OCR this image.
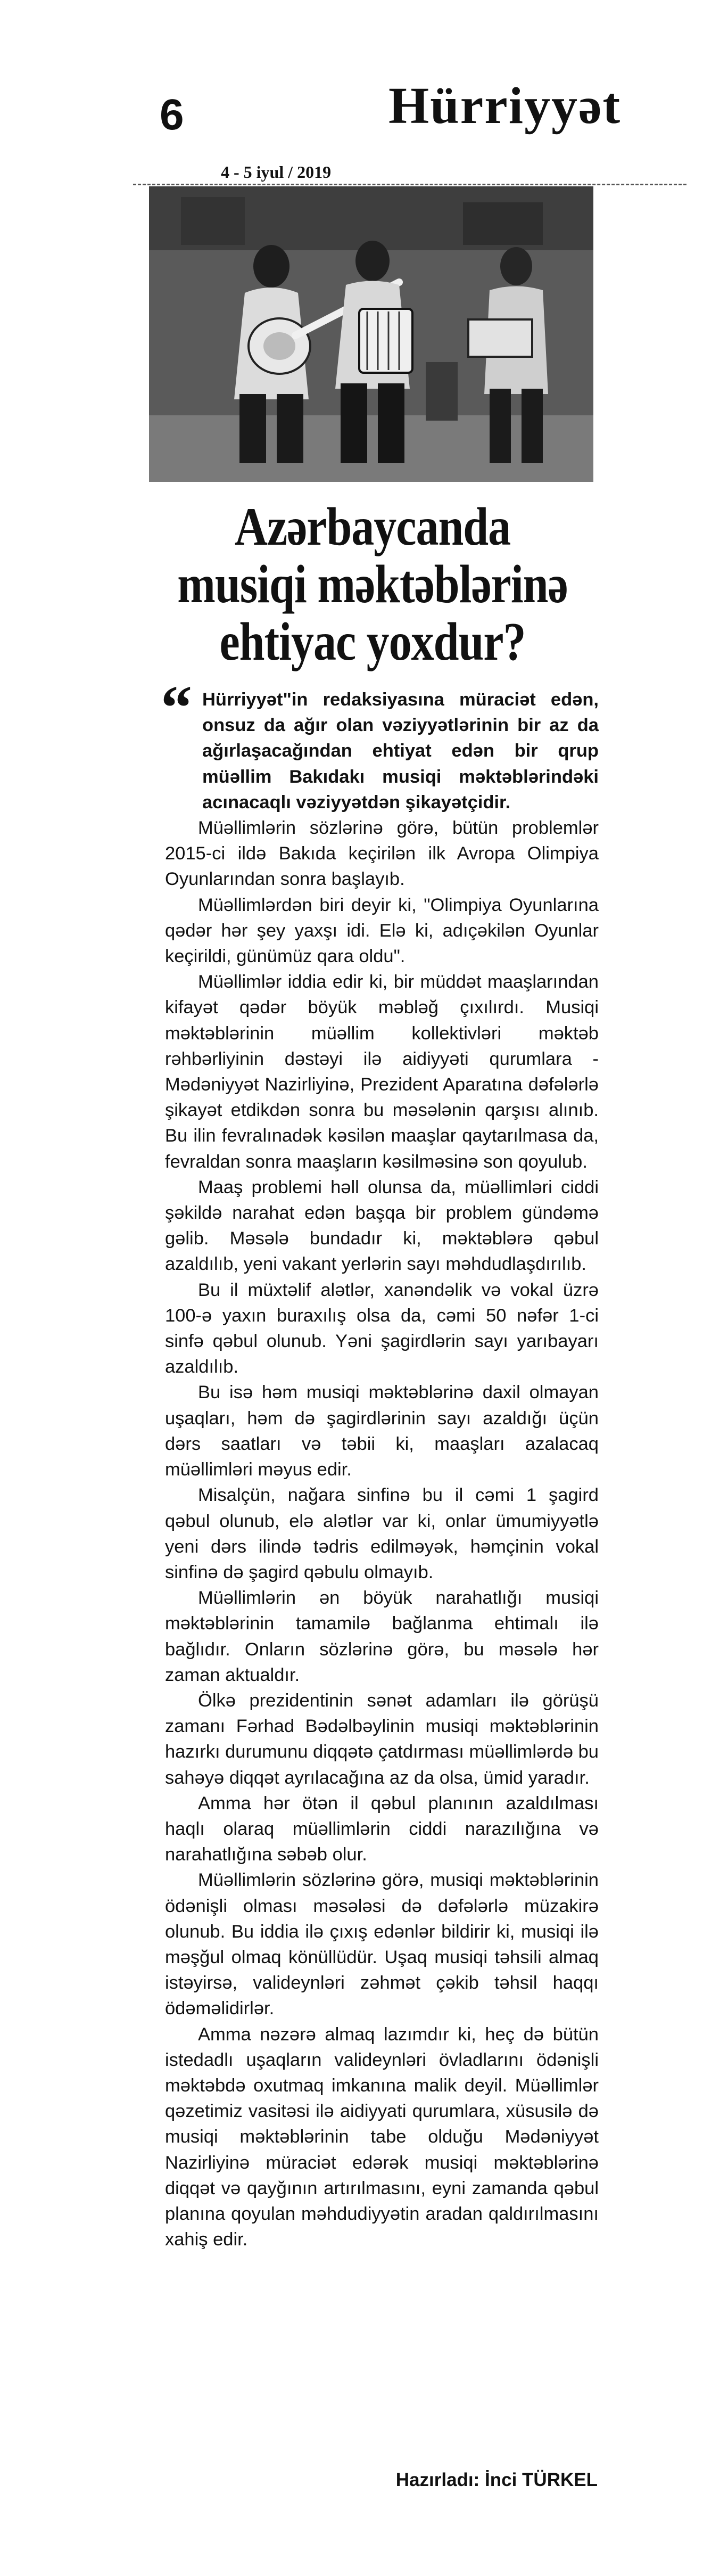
6	Hürriyyət
4 - 5 iyul / 2019
Azərbaycanda
musiqi məktəblərinə
ehtiyac yoxdur?

“ Hürriyyət"in redaksiyasına müraciət edən, onsuz da ağır olan vəziyyətlərinin bir az da ağırlaşacağından ehtiyat edən bir qrup müəllim Bakıdakı musiqi məktəblərindəki acınacaqlı vəziyyətdən şikayətçidir.

Müəllimlərin sözlərinə görə, bütün problemlər 2015-ci ildə Bakıda keçirilən ilk Avropa Olimpiya Oyunlarından sonra başlayıb.

Müəllimlərdən biri deyir ki, "Olimpiya Oyunlarına qədər hər şey yaxşı idi. Elə ki, adıçəkilən Oyunlar keçirildi, günümüz qara oldu".

Müəllimlər iddia edir ki, bir müddət maaşlarından kifayət qədər böyük məbləğ çıxılırdı. Musiqi məktəblərinin müəllim kollektivləri məktəb rəhbərliyinin dəstəyi ilə aidiyyəti qurumlara - Mədəniyyət Nazirliyinə, Prezident Aparatına dəfələrlə şikayət etdikdən sonra bu məsələnin qarşısı alınıb. Bu ilin fevralınadək kəsilən maaşlar qaytarılmasa da, fevraldan sonra maaşların kəsilməsinə son qoyulub.

Maaş problemi həll olunsa da, müəllimləri ciddi şəkildə narahat edən başqa bir problem gündəmə gəlib. Məsələ bundadır ki, məktəblərə qəbul azaldılıb, yeni vakant yerlərin sayı məhdudlaşdırılıb.

Bu il müxtəlif alətlər, xanəndəlik və vokal üzrə 100-ə yaxın buraxılış olsa da, cəmi 50 nəfər 1-ci sinfə qəbul olunub. Yəni şagirdlərin sayı yarıbayarı azaldılıb.

Bu isə həm musiqi məktəblərinə daxil olmayan uşaqları, həm də şagirdlərinin sayı azaldığı üçün dərs saatları və təbii ki, maaşları azalacaq müəllimləri məyus edir.

Misalçün, nağara sinfinə bu il cəmi 1 şagird qəbul olunub, elə alətlər var ki, onlar ümumiyyətlə yeni dərs ilində tədris edilməyək, həmçinin vokal sinfinə də şagird qəbulu olmayıb.

Müəllimlərin ən böyük narahatlığı musiqi məktəblərinin tamamilə bağlanma ehtimalı ilə bağlıdır. Onların sözlərinə görə, bu məsələ hər zaman aktualdır.

Ölkə prezidentinin sənət adamları ilə görüşü zamanı Fərhad Bədəlbəylinin musiqi məktəblərinin hazırkı durumunu diqqətə çatdırması müəllimlərdə bu sahəyə diqqət ayrılacağına az da olsa, ümid yaradır.

Amma hər ötən il qəbul planının azaldılması haqlı olaraq müəllimlərin ciddi narazılığına və narahatlığına səbəb olur.

Müəllimlərin sözlərinə görə, musiqi məktəblərinin ödənişli olması məsələsi də dəfələrlə müzakirə olunub. Bu iddia ilə çıxış edənlər bildirir ki, musiqi ilə məşğul olmaq könüllüdür. Uşaq musiqi təhsili almaq istəyirsə, valideynləri zəhmət çəkib təhsil haqqı ödəməlidirlər.

Amma nəzərə almaq lazımdır ki, heç də bütün istedadlı uşaqların valideynləri övladlarını ödənişli məktəbdə oxutmaq imkanına malik deyil. Müəllimlər qəzetimiz vasitəsi ilə aidiyyati qurumlara, xüsusilə də musiqi məktəblərinin tabe olduğu Mədəniyyət Nazirliyinə müraciət edərək musiqi məktəblərinə diqqət və qayğının artırılmasını, eyni zamanda qəbul planına qoyulan məhdudiyyətin aradan qaldırılmasını xahiş edir.

Hazırladı: İnci TÜRKEL
